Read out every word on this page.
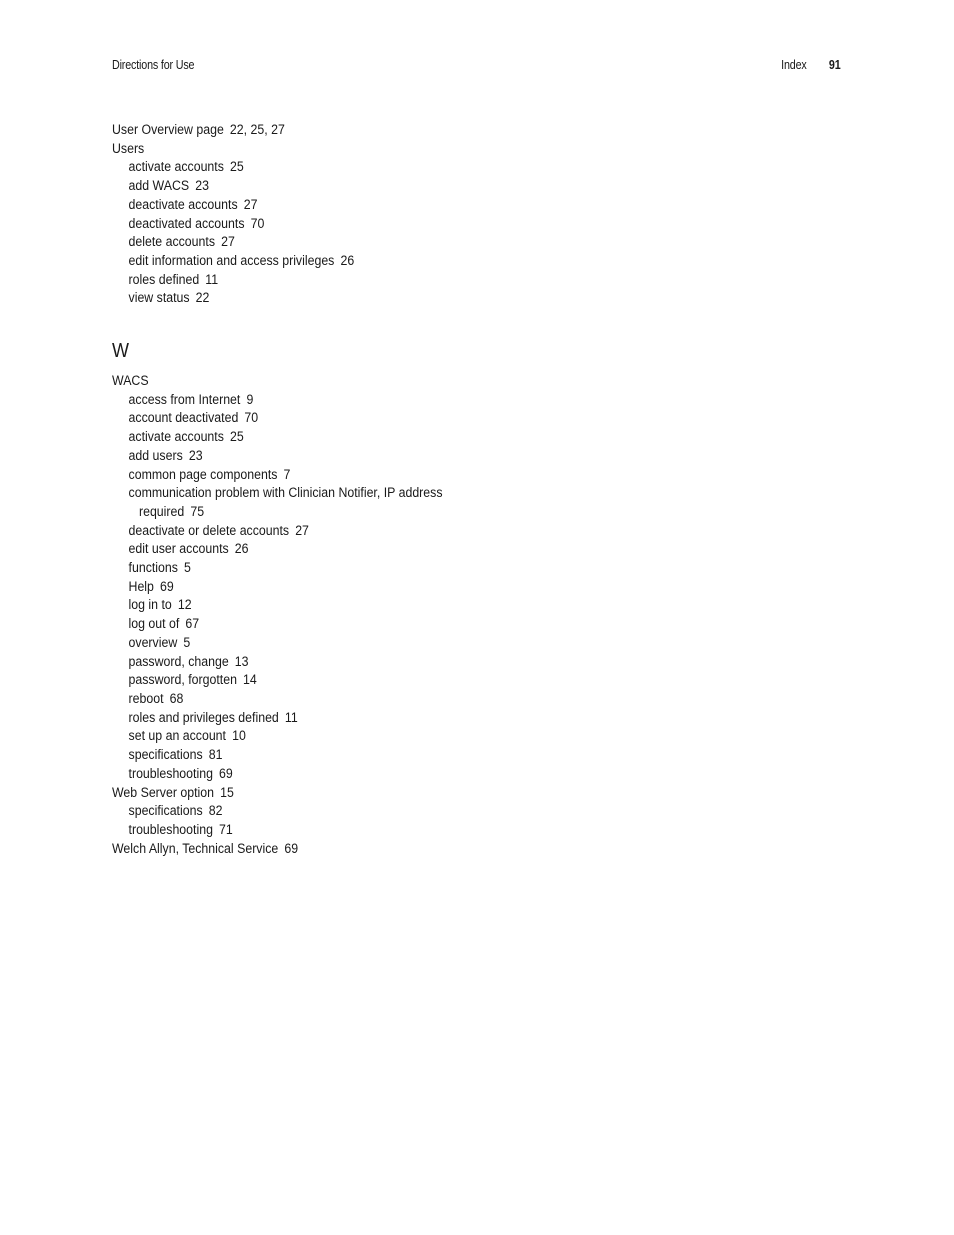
Directions for Use	Index 91
User Overview page 22, 25, 27
Users
activate accounts 25
add WACS 23
deactivate accounts 27
deactivated accounts 70
delete accounts 27
edit information and access privileges 26
roles defined 11
view status 22
W
WACS
access from Internet 9
account deactivated 70
activate accounts 25
add users 23
common page components 7
communication problem with Clinician Notifier, IP address
required 75
deactivate or delete accounts 27
edit user accounts 26
functions 5
Help 69
log in to 12
log out of 67
overview 5
password, change 13
password, forgotten 14
reboot 68
roles and privileges defined 11
set up an account 10
specifications 81
troubleshooting 69
Web Server option 15
specifications 82
troubleshooting 71
Welch Allyn, Technical Service 69
